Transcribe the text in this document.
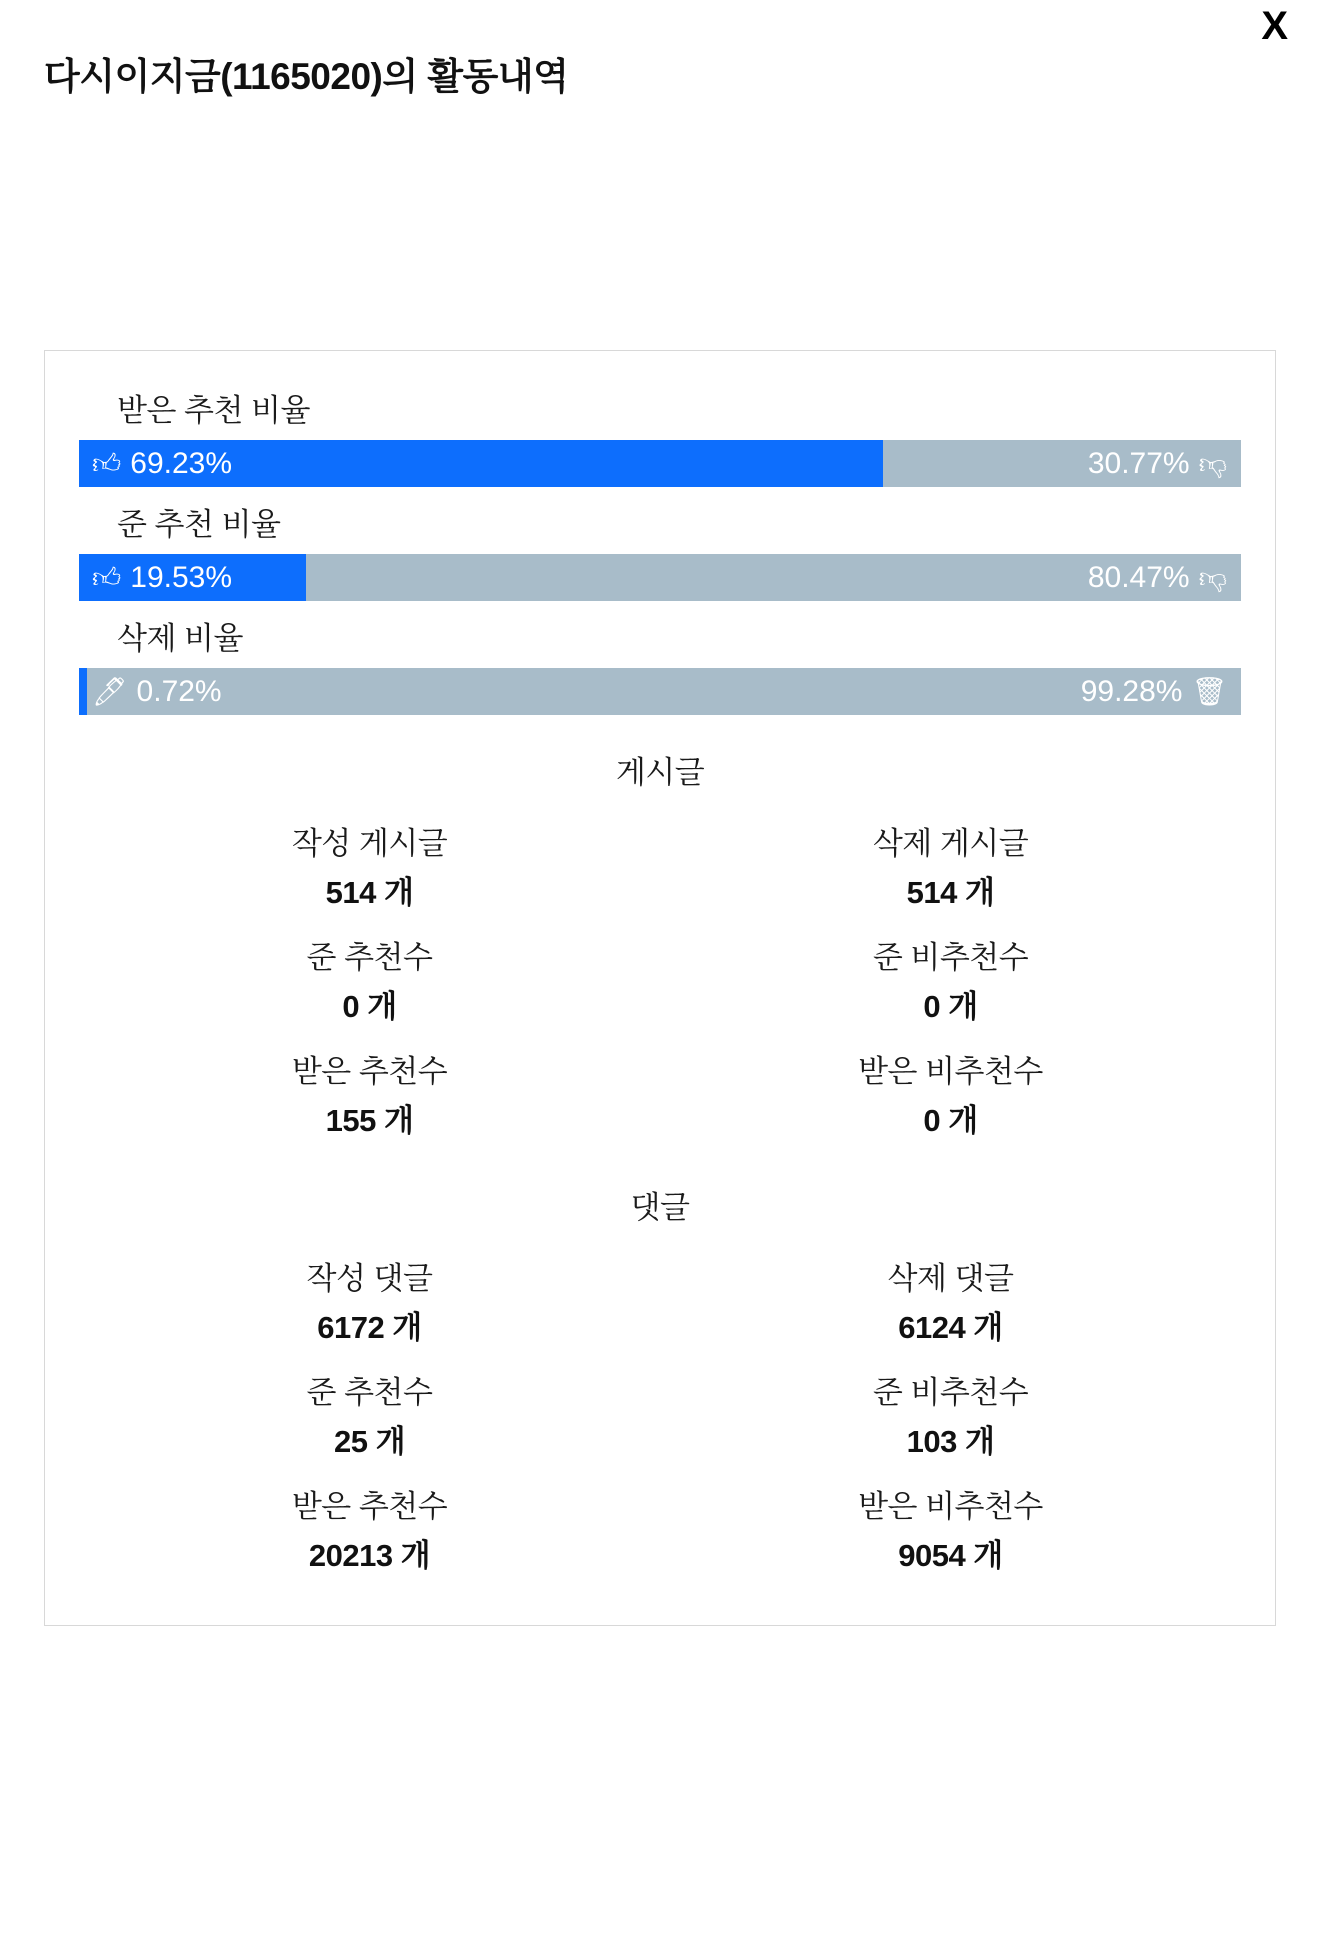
X
다시이지금(1165020)의 활동내역
받은 추천 비율
👍︎ 69.23%	30.77% 👎︎
준 추천 비율
👍︎ 19.53%	80.47% 👎︎
삭제 비율
🖊︎ 0.72%	99.28% 🗑︎
게시글
작성 게시글	삭제 게시글
514 개	514 개
준 추천수	준 비추천수
0 개	0 개
받은 추천수	받은 비추천수
155 개	0 개
댓글
작성 댓글	삭제 댓글
6172 개	6124 개
준 추천수	준 비추천수
25 개	103 개
받은 추천수	받은 비추천수
20213 개	9054 개
